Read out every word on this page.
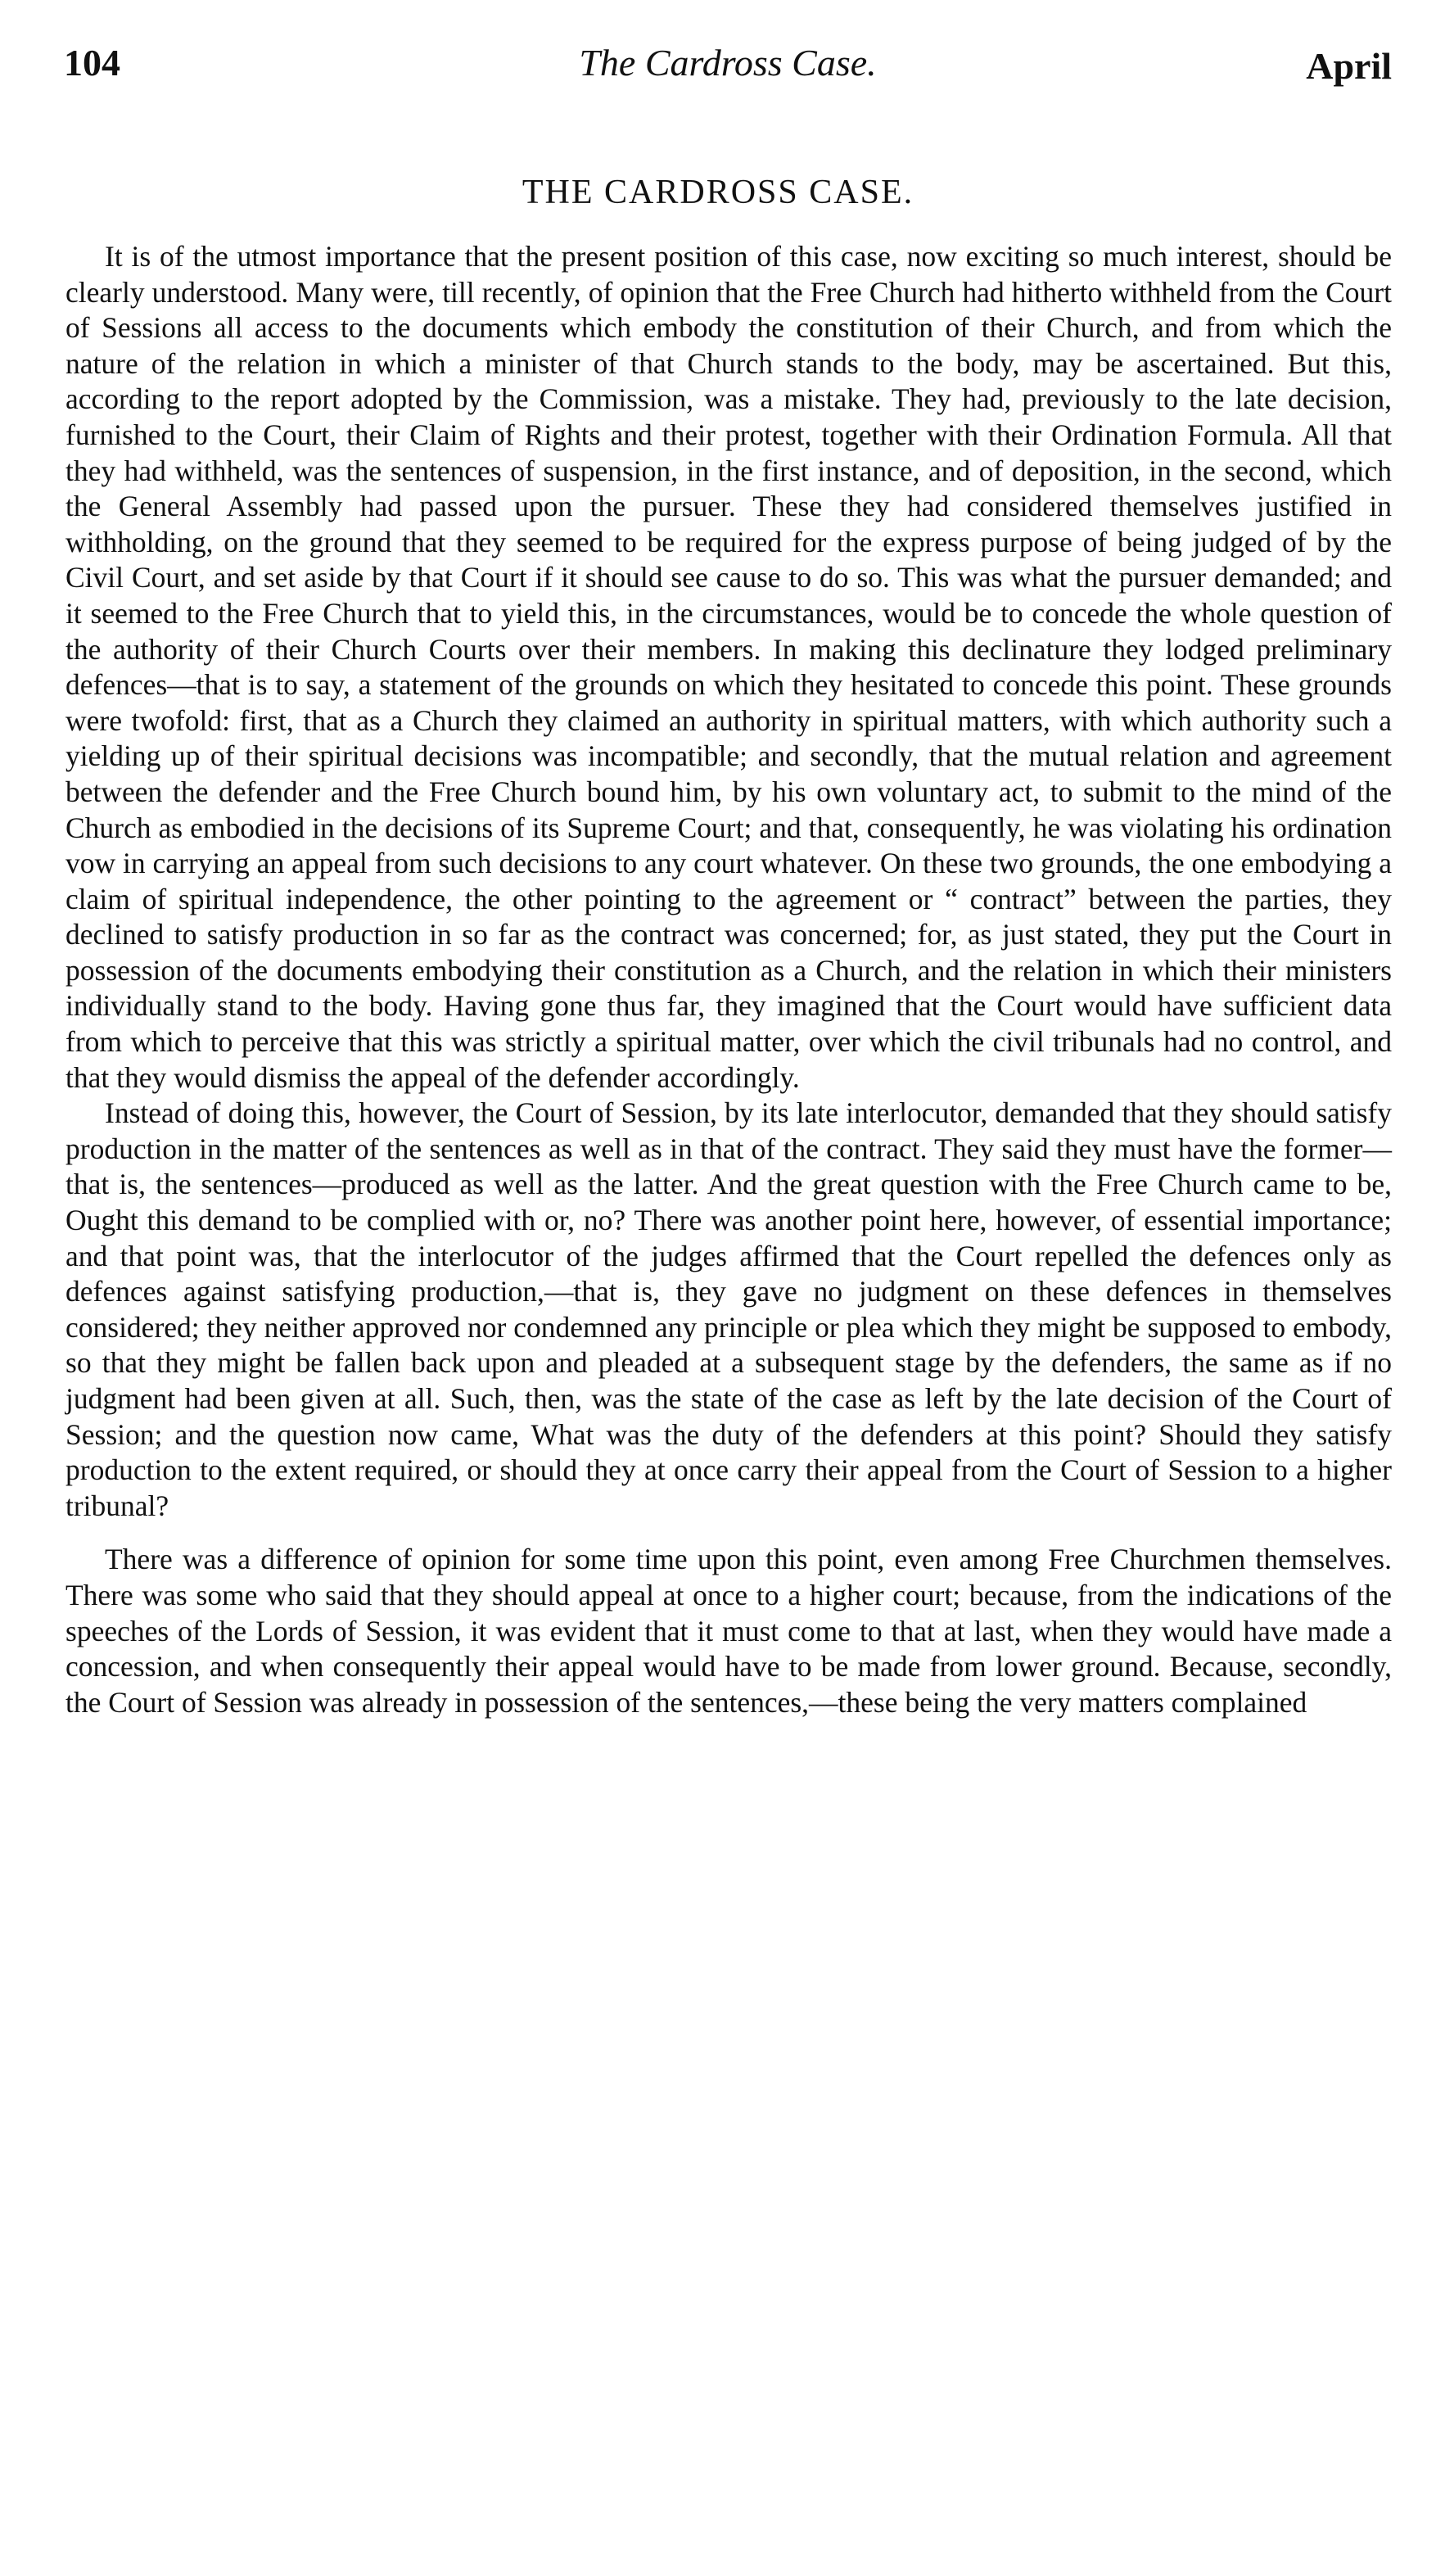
104	The Cardross Case.	April
THE CARDROSS CASE.

It is of the utmost importance that the present position of this case, now exciting so much interest, should be clearly understood. Many were, till recently, of opinion that the Free Church had hitherto withheld from the Court of Sessions all access to the documents which embody the constitution of their Church, and from which the nature of the relation in which a minister of that Church stands to the body, may be ascertained. But this, according to the report adopted by the Commission, was a mistake. They had, previously to the late decision, furnished to the Court, their Claim of Rights and their protest, together with their Ordination Formula. All that they had withheld, was the sentences of suspension, in the first instance, and of deposition, in the second, which the General Assembly had passed upon the pursuer. These they had considered themselves justified in withholding, on the ground that they seemed to be required for the express purpose of being judged of by the Civil Court, and set aside by that Court if it should see cause to do so. This was what the pursuer demanded; and it seemed to the Free Church that to yield this, in the circumstances, would be to concede the whole question of the authority of their Church Courts over their members. In making this declinature they lodged preliminary defences—that is to say, a statement of the grounds on which they hesitated to concede this point. These grounds were twofold: first, that as a Church they claimed an authority in spiritual matters, with which authority such a yielding up of their spiritual decisions was incompatible; and secondly, that the mutual relation and agreement between the defender and the Free Church bound him, by his own voluntary act, to submit to the mind of the Church as embodied in the decisions of its Supreme Court; and that, consequently, he was violating his ordination vow in carrying an appeal from such decisions to any court whatever. On these two grounds, the one embodying a claim of spiritual independence, the other pointing to the agreement or “ contract” between the parties, they declined to satisfy production in so far as the contract was concerned; for, as just stated, they put the Court in possession of the documents embodying their constitution as a Church, and the relation in which their ministers individually stand to the body. Having gone thus far, they imagined that the Court would have sufficient data from which to perceive that this was strictly a spiritual matter, over which the civil tribunals had no control, and that they would dismiss the appeal of the defender accordingly.

Instead of doing this, however, the Court of Session, by its late interlocutor, demanded that they should satisfy production in the matter of the sentences as well as in that of the contract. They said they must have the former— that is, the sentences—produced as well as the latter. And the great question with the Free Church came to be, Ought this demand to be complied with or, no? There was another point here, however, of essential importance; and that point was, that the interlocutor of the judges affirmed that the Court repelled the defences only as defences against satisfying production,—that is, they gave no judgment on these defences in themselves considered; they neither approved nor condemned any principle or plea which they might be supposed to embody, so that they might be fallen back upon and pleaded at a subsequent stage by the defenders, the same as if no judgment had been given at all. Such, then, was the state of the case as left by the late decision of the Court of Session; and the question now came, What was the duty of the defenders at this point? Should they satisfy production to the extent required, or should they at once carry their appeal from the Court of Session to a higher tribunal?

There was a difference of opinion for some time upon this point, even among Free Churchmen themselves. There was some who said that they should appeal at once to a higher court; because, from the indications of the speeches of the Lords of Session, it was evident that it must come to that at last, when they would have made a concession, and when consequently their appeal would have to be made from lower ground. Because, secondly, the Court of Session was already in possession of the sentences,—these being the very matters complained
